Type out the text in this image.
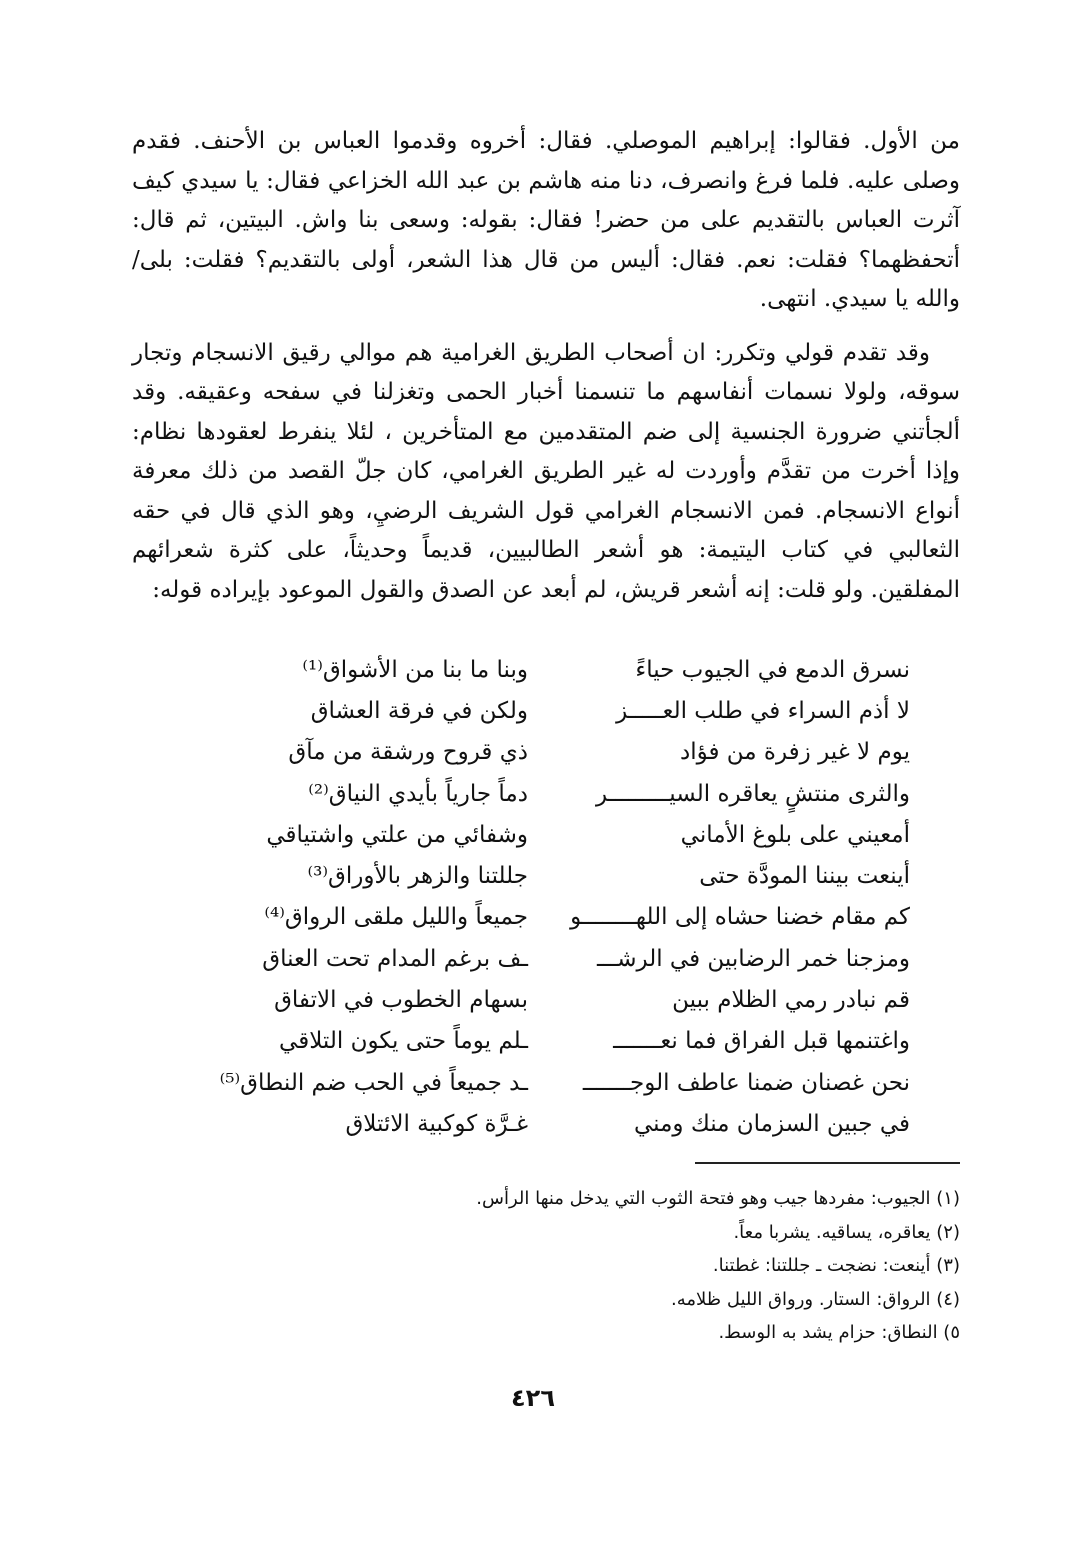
من الأول. فقالوا: إبراهيم الموصلي. فقال: أخروه وقدموا العباس بن الأحنف. فقدم وصلى عليه. فلما فرغ وانصرف، دنا منه هاشم بن عبد الله الخزاعي فقال: يا سيدي كيف آثرت العباس بالتقديم على من حضر! فقال: بقوله: وسعى بنا واش. البيتين، ثم قال: أتحفظهما؟ فقلت: نعم. فقال: أليس من قال هذا الشعر، أولى بالتقديم؟ فقلت: بلى/والله يا سيدي. انتهى.

وقد تقدم قولي وتكرر: ان أصحاب الطريق الغرامية هم موالي رقيق الانسجام وتجار سوقه، ولولا نسمات أنفاسهم ما تنسمنا أخبار الحمى وتغزلنا في سفحه وعقيقه. وقد ألجأتني ضرورة الجنسية إلى ضم المتقدمين مع المتأخرين ، لئلا ينفرط لعقودها نظام: وإذا أخرت من تقدَّم وأوردت له غير الطريق الغرامي، كان جلّ القصد من ذلك معرفة أنواع الانسجام. فمن الانسجام الغرامي قول الشريف الرضيِ، وهو الذي قال في حقه الثعالبي في كتاب اليتيمة: هو أشعر الطالبيين، قديماً وحديثاً، على كثرة شعرائهم المفلقين. ولو قلت: إنه أشعر قريش، لم أبعد عن الصدق والقول الموعود بإيراده قوله:

نسرق الدمع في الجيوب حياءً
وبنا ما بنا من الأشواق⁽¹⁾
لا أذم السراء في طلب العـــــز
ولكن في فرقة العشاق
يوم لا غير زفرة من فؤاد
ذي قروح ورشقة من مآق
والثرى منتشٍ يعاقره السيـــــــــر
دماً جارياً بأيدي النياق⁽²⁾
أمعيني على بلوغ الأماني
وشفائي من علتي واشتياقي
أينعت بيننا المودَّة حتى
جللتنا والزهر بالأوراق⁽³⁾
كم مقام خضنا حشاه إلى اللهــــــــو
جميعاً والليل ملقى الرواق⁽⁴⁾
ومزجنا خمر الرضابين في الرشـــ
ـف برغم المدام تحت العناق
قم نبادر رمي الظلام ببين
بسهام الخطوب في الاتفاق
واغتنمها قبل الفراق فما نعـــــــ
ـلم يوماً حتى يكون التلاقي
نحن غصنان ضمنا عاطف الوجـــــــ
ـد جميعاً في الحب ضم النطاق⁽⁵⁾
في جبين السزمان منك ومني
غـرَّة كوكبية الائتلاق
(١) الجيوب: مفردها جيب وهو فتحة الثوب التي يدخل منها الرأس.
(٢) يعاقره، يساقيه. يشربا معاً.
(٣) أينعت: نضجت ـ جللتنا: غطتنا.
(٤) الرواق: الستار. ورواق الليل ظلامه.
٥) النطاق: حزام يشد به الوسط.
٤٢٦
